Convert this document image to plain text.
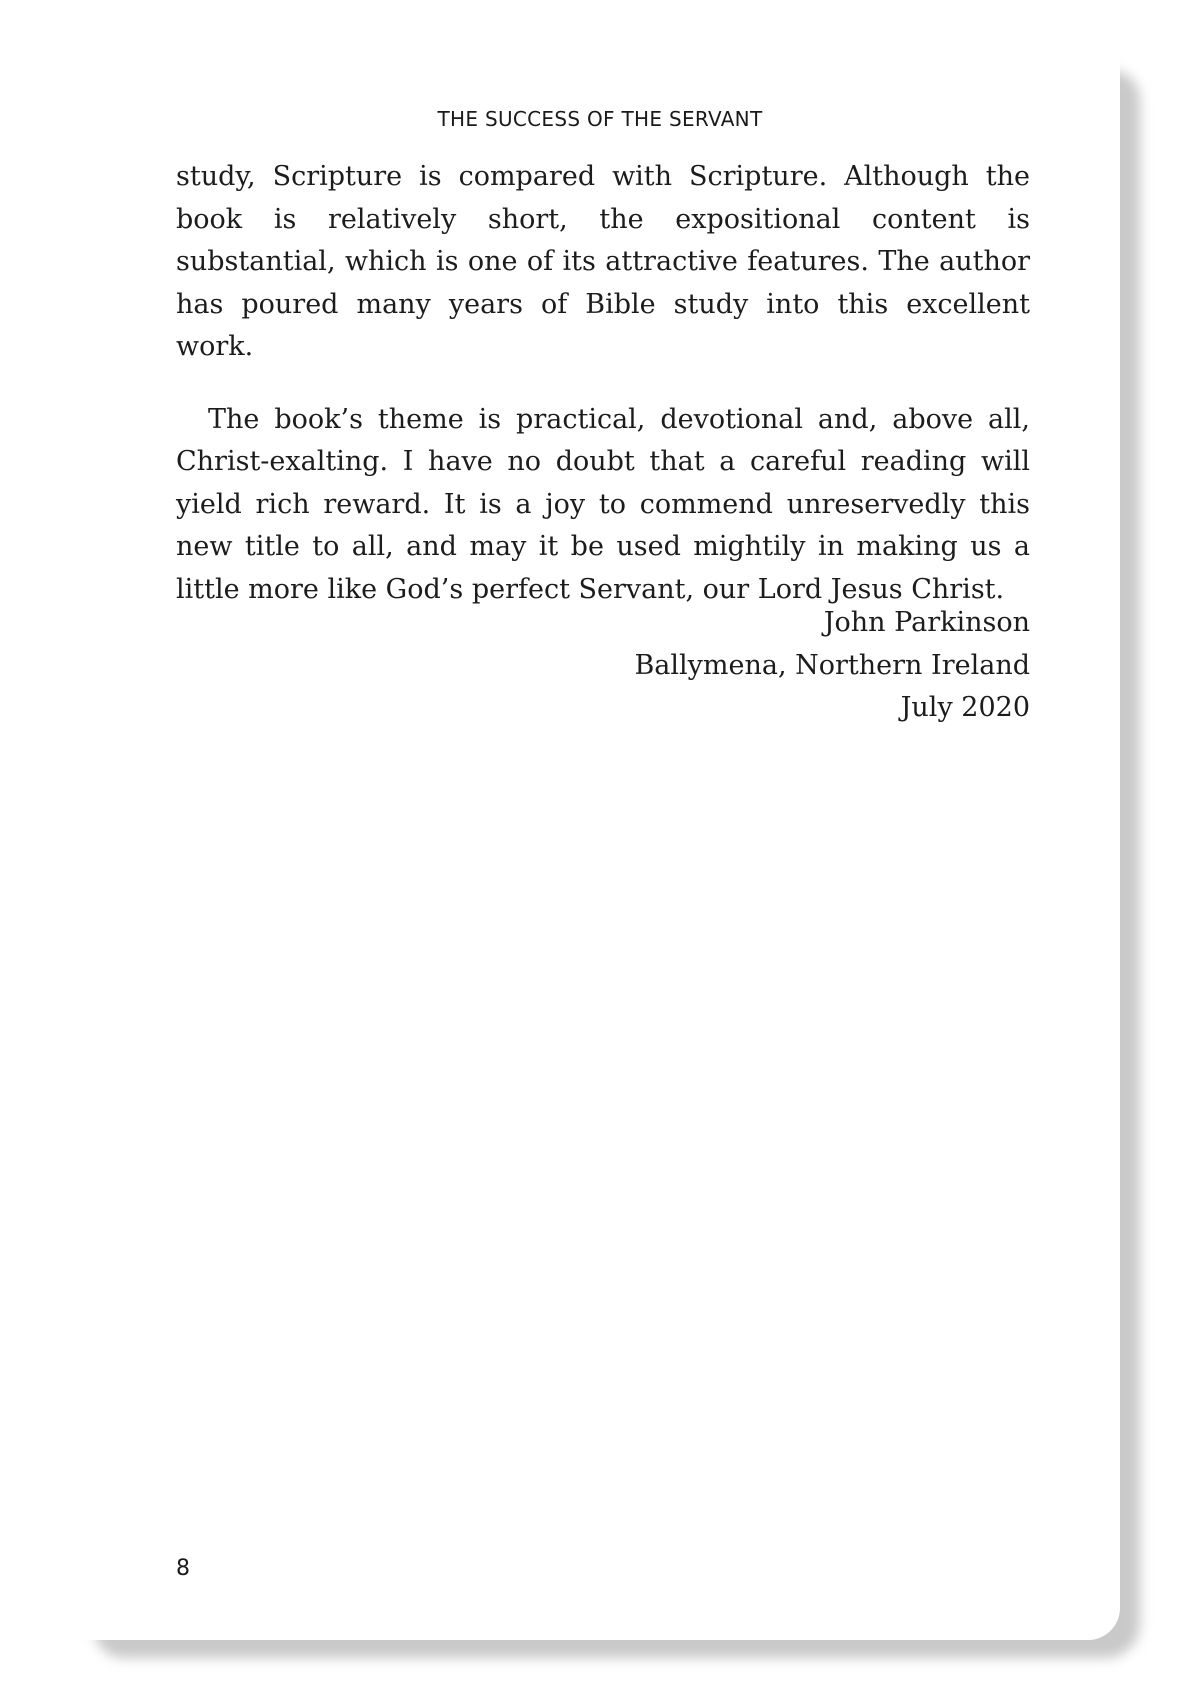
THE SUCCESS OF THE SERVANT

study, Scripture is compared with Scripture. Although the book is relatively short, the expositional content is substantial, which is one of its attractive features. The author has poured many years of Bible study into this excellent work.

The book’s theme is practical, devotional and, above all, Christ-exalting. I have no doubt that a careful reading will yield rich reward. It is a joy to commend unreservedly this new title to all, and may it be used mightily in making us a little more like God’s perfect Servant, our Lord Jesus Christ.

John Parkinson
Ballymena, Northern Ireland
July 2020
8
